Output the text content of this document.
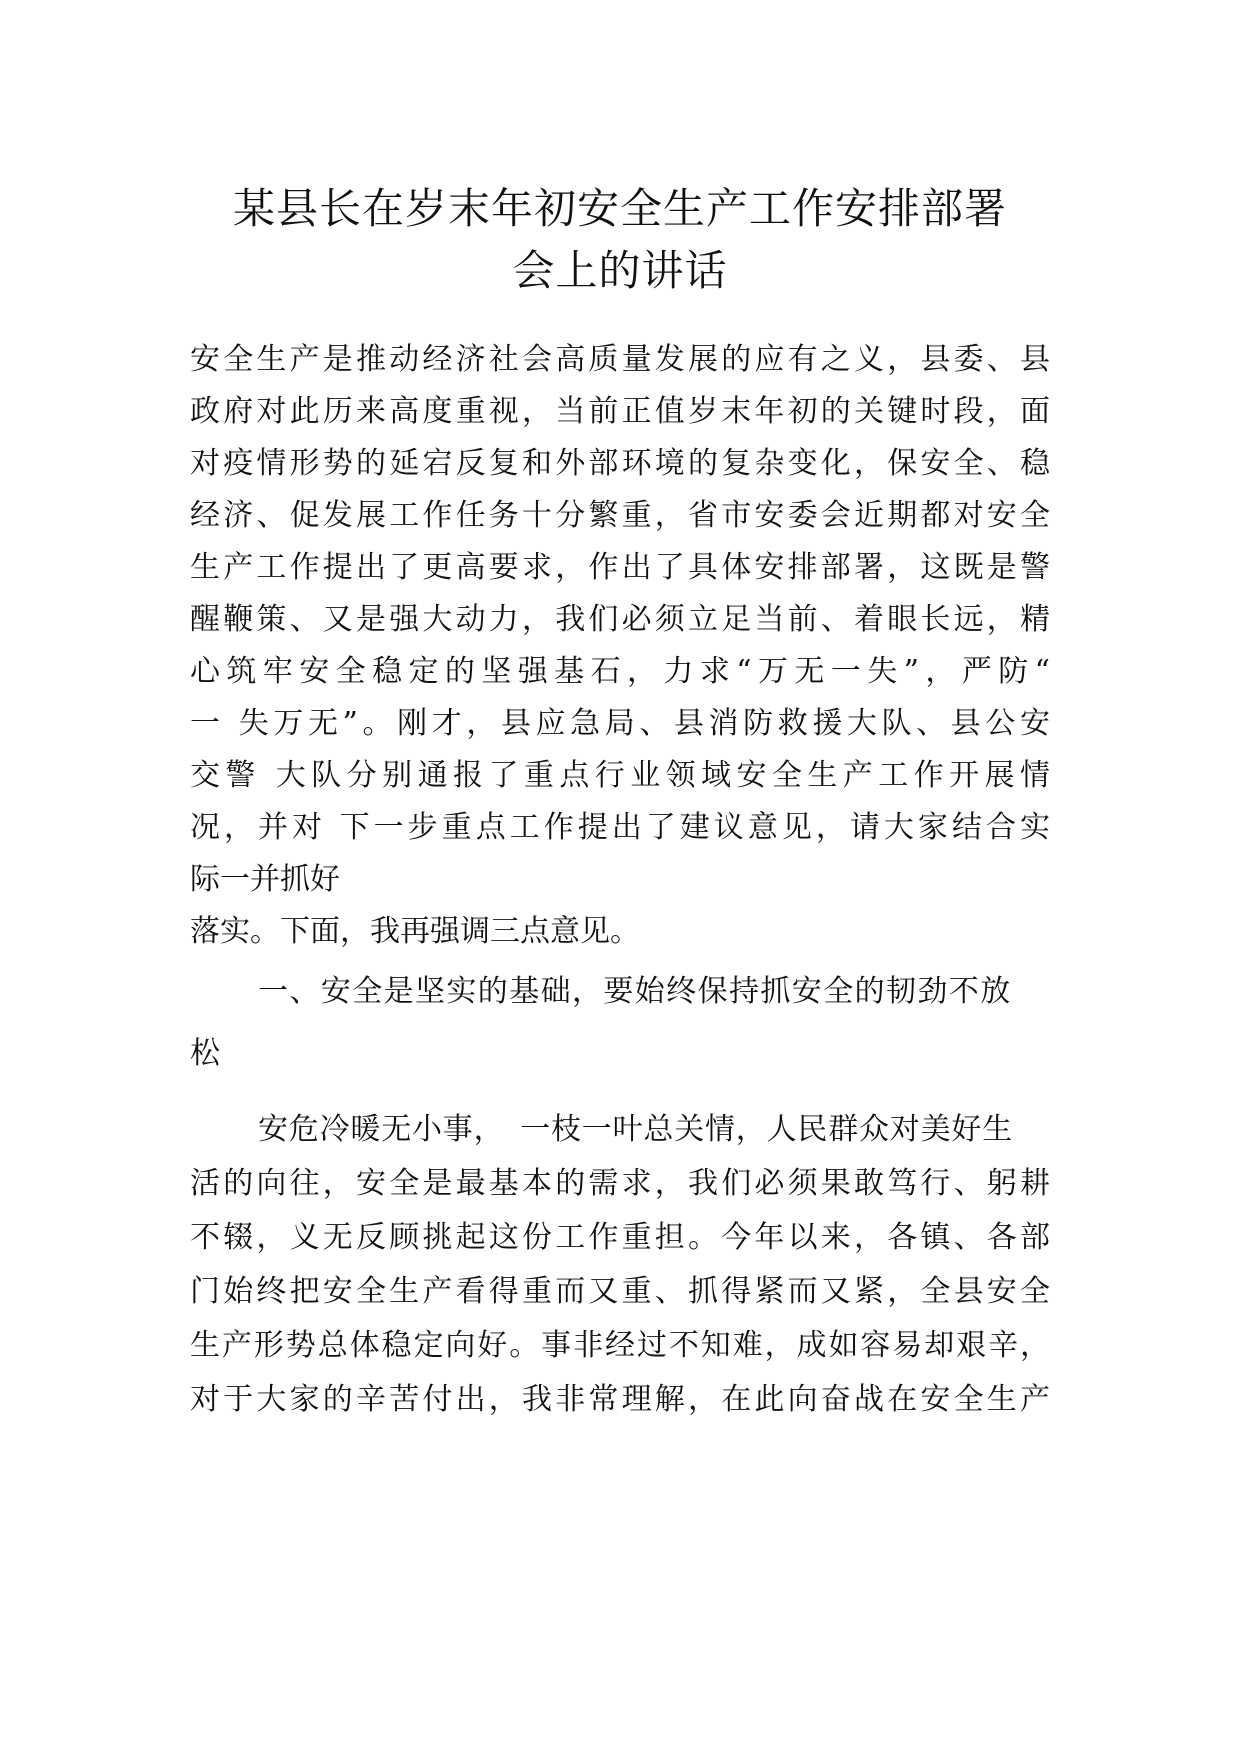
某县长在岁末年初安全生产工作安排部署
会上的讲话

安全生产是推动经济社会高质量发展的应有之义，县委、县

政府对此历来高度重视，当前正值岁末年初的关键时段，面

对疫情形势的延宕反复和外部环境的复杂变化，保安全、稳

经济、促发展工作任务十分繁重，省市安委会近期都对安全

生产工作提出了更高要求，作出了具体安排部署，这既是警

醒鞭策、又是强大动力，我们必须立足当前、着眼长远，精

心筑牢安全稳定的坚强基石，力求“万无一失”，严防“

一 失万无”。刚才，县应急局、县消防救援大队、县公安

交警 大队分别通报了重点行业领域安全生产工作开展情

况，并对 下一步重点工作提出了建议意见，请大家结合实

际一并抓好

落实。下面，我再强调三点意见。

一、安全是坚实的基础，要始终保持抓安全的韧劲不放

松

安危冷暖无小事，　一枝一叶总关情，人民群众对美好生

活的向往，安全是最基本的需求，我们必须果敢笃行、躬耕

不辍，义无反顾挑起这份工作重担。今年以来，各镇、各部

门始终把安全生产看得重而又重、抓得紧而又紧，全县安全

生产形势总体稳定向好。事非经过不知难，成如容易却艰辛，

对于大家的辛苦付出，我非常理解，在此向奋战在安全生产
